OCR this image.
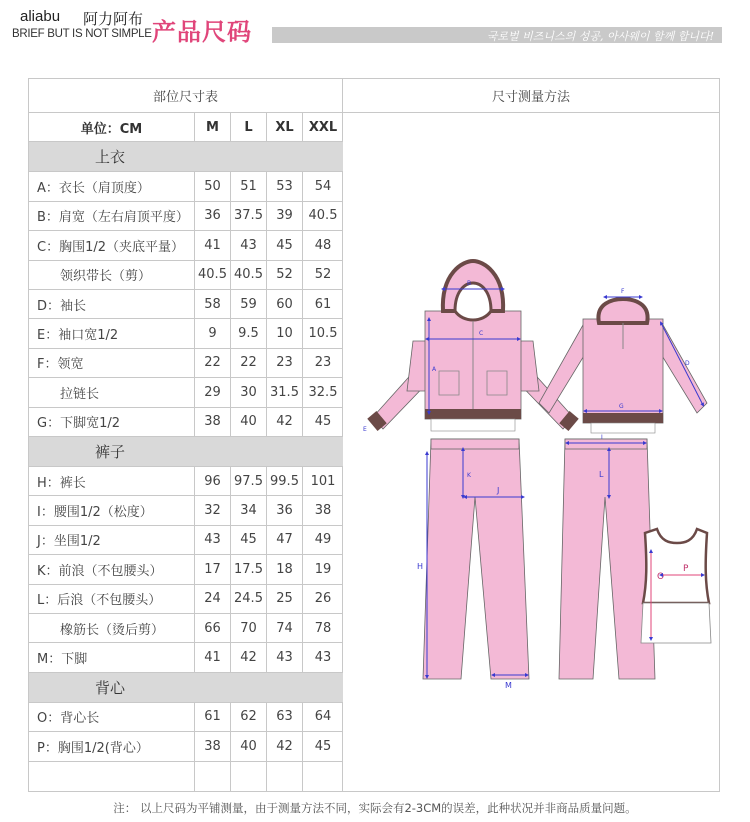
aliabu 阿力阿布
BRIEF BUT IS NOT SIMPLE 产品尺码	국로벌 비즈니스의 성공, 아사웨이 함께 합니다!
部位尺寸表
单位：CM	M	L	XL	XXL
上衣
A：衣长（肩顶度）	50	51	53	54
B：肩宽（左右肩顶平度）	36	37.5	39	40.5
C：胸围1/2（夹底平量）	41	43	45	48
领织带长（剪）	40.5 40.5	52	52
D：袖长	58	59	60	61
E：袖口宽1/2	9	9.5	10	10.5
F：领宽	22	22	23	23
拉链长	29	30	31.5 32.5
G：下脚宽1/2	38	40	42	45
裤子
H：裤长	96	97.5 99.5 101
I：腰围1/2（松度）	32	34	36	38
J：坐围1/2	43	45	47	49
K：前浪（不包腰头）	17	17.5	18	19
L：后浪（不包腰头）	24	24.5	25	26
橡筋长（烫后剪）	66	70	74	78
M：下脚	41	42	43	43
背心
O：背心长	61	62	63	64
P：胸围1/2(背心）	38	40	42	45
尺寸测量方法
B
C
A
E
F
D
G
H
K
J
M
I
L
O
P
注： 以上尺码为平铺测量，由于测量方法不同，实际会有2-3CM的误差，此种状况并非商品质量问题。
